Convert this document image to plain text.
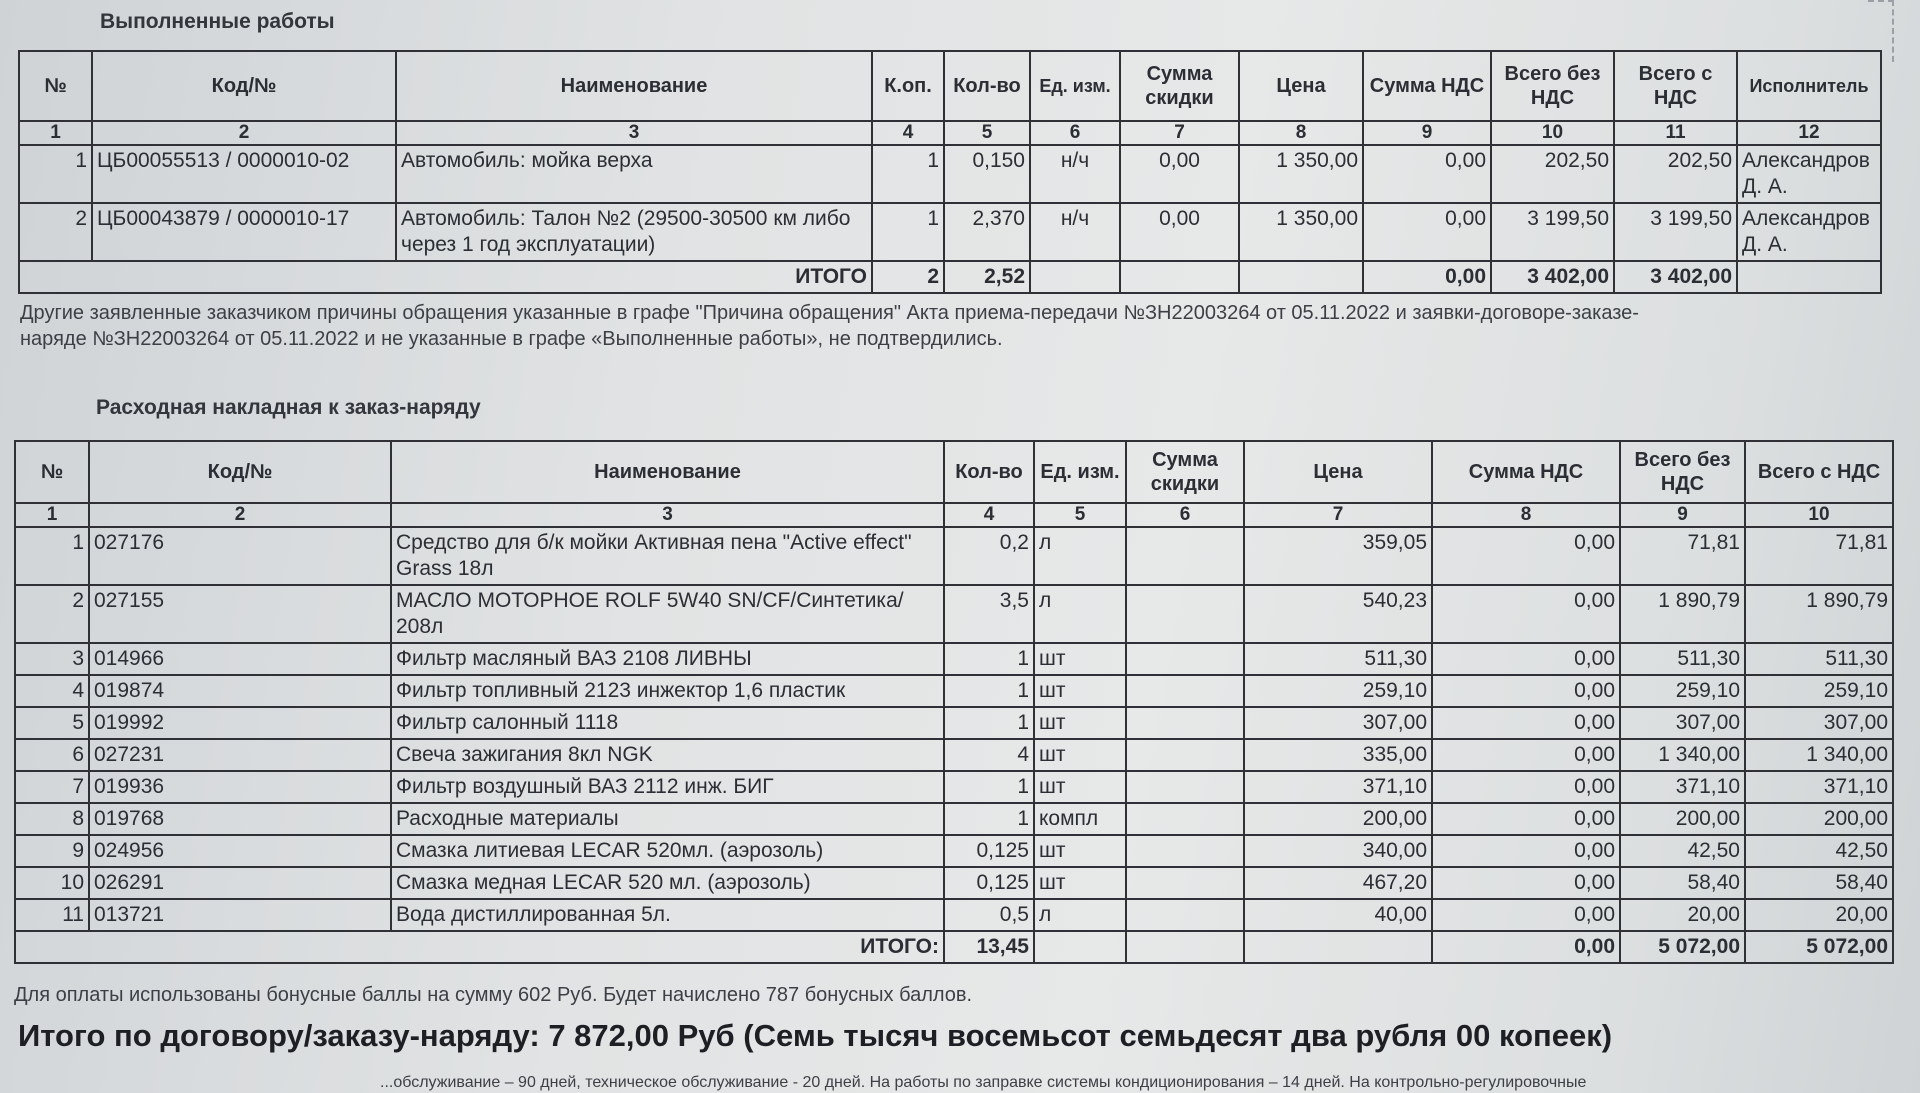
Выполненные работы
№	Код/№	Наименование	К.оп.	Кол-во	Ед. изм.	Сумма скидки	Цена	Сумма НДС	Всего без НДС	Всего с НДС	Исполнитель
1	2	3	4	5	6	7	8	9	10	11	12
1	ЦБ00055513 / 0000010-02	Автомобиль: мойка верха	1	0,150	н/ч	0,00	1 350,00	0,00	202,50	202,50	Александров Д. А.
2	ЦБ00043879 / 0000010-17	Автомобиль: Талон №2 (29500-30500 км либо через 1 год эксплуатации)	1	2,370	н/ч	0,00	1 350,00	0,00	3 199,50	3 199,50	Александров Д. А.
ИТОГО			2	2,52				0,00	3 402,00	3 402,00	
Другие заявленные заказчиком причины обращения указанные в графе "Причина обращения" Акта приема-передачи №ЗН22003264 от 05.11.2022 и заявки-договоре-заказе-наряде №ЗН22003264 от 05.11.2022 и не указанные в графе «Выполненные работы», не подтвердились.
Расходная накладная к заказ-наряду
№	Код/№	Наименование	Кол-во	Ед. изм.	Сумма скидки	Цена	Сумма НДС	Всего без НДС	Всего с НДС
1	2	3	4	5	6	7	8	9	10
1	027176	Средство для б/к мойки Активная пена "Active effect" Grass 18л	0,2	л		359,05	0,00	71,81	71,81
2	027155	МАСЛО МОТОРНОЕ ROLF 5W40 SN/CF/Синтетика/ 208л	3,5	л		540,23	0,00	1 890,79	1 890,79
3	014966	Фильтр масляный ВАЗ 2108 ЛИВНЫ	1	шт		511,30	0,00	511,30	511,30
4	019874	Фильтр топливный 2123 инжектор 1,6 пластик	1	шт		259,10	0,00	259,10	259,10
5	019992	Фильтр салонный 1118	1	шт		307,00	0,00	307,00	307,00
6	027231	Свеча зажигания 8кл NGK	4	шт		335,00	0,00	1 340,00	1 340,00
7	019936	Фильтр воздушный ВАЗ 2112 инж. БИГ	1	шт		371,10	0,00	371,10	371,10
8	019768	Расходные материалы	1	компл		200,00	0,00	200,00	200,00
9	024956	Смазка литиевая LECAR 520мл. (аэрозоль)	0,125	шт		340,00	0,00	42,50	42,50
10	026291	Смазка медная LECAR 520 мл. (аэрозоль)	0,125	шт		467,20	0,00	58,40	58,40
11	013721	Вода дистиллированная 5л.	0,5	л		40,00	0,00	20,00	20,00
ИТОГО:			13,45				0,00	5 072,00	5 072,00
Для оплаты использованы бонусные баллы на сумму 602 Руб. Будет начислено 787 бонусных баллов.
Итого по договору/заказу-наряду: 7 872,00 Руб (Семь тысяч восемьсот семьдесят два рубля 00 копеек)
...обслуживание – 90 дней, техническое обслуживание - 20 дней. На работы по заправке системы кондиционирования – 14 дней. На контрольно-регулировочные
